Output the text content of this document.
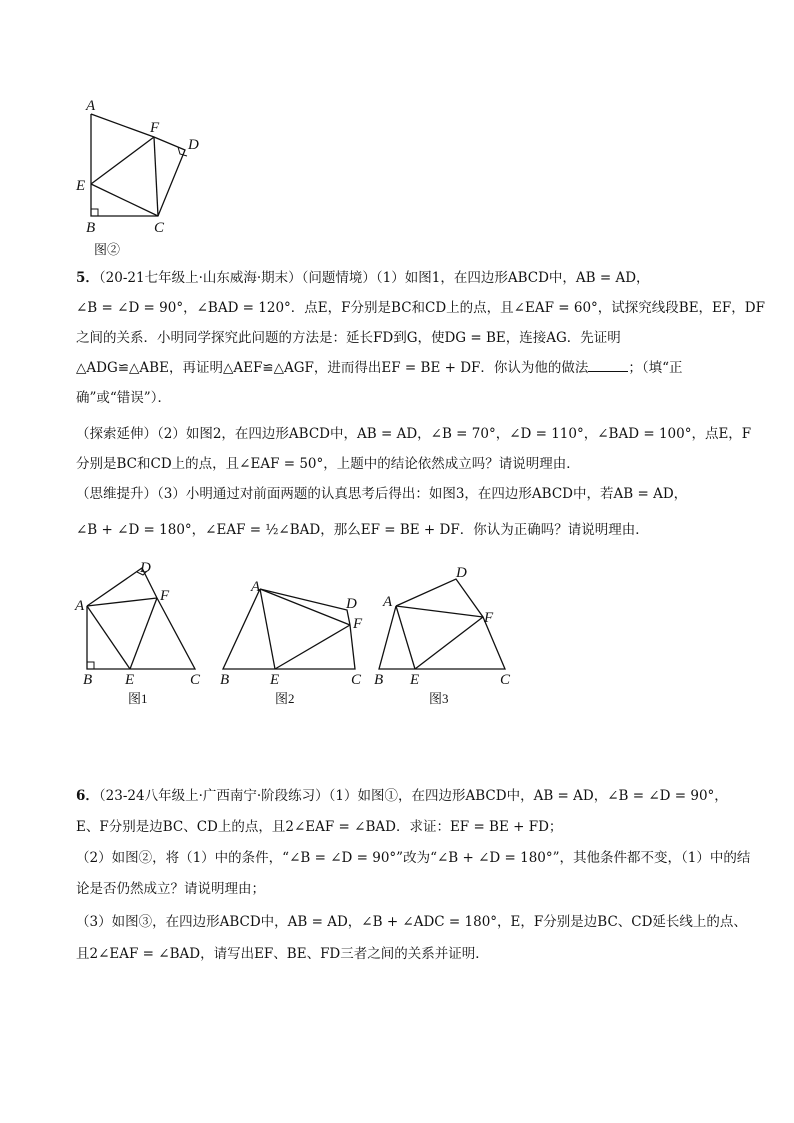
A
F
D
E
B	C
图②
5．（20-21七年级上·山东威海·期末）（问题情境）（1）如图1，在四边形ABCD中，AB = AD，
∠B = ∠D = 90°，∠BAD = 120°．点E，F分别是BC和CD上的点，且∠EAF = 60°，试探究线段BE，EF，DF
之间的关系．小明同学探究此问题的方法是：延长FD到G，使DG = BE，连接AG．先证明
△ADG≌△ABE，再证明△AEF≌△AGF，进而得出EF = BE + DF．你认为他的做法	；（填“正
确”或“错误”）．
（探索延伸）（2）如图2，在四边形ABCD中，AB = AD，∠B = 70°，∠D = 110°，∠BAD = 100°，点E，F
分别是BC和CD上的点，且∠EAF = 50°，上题中的结论依然成立吗？请说明理由．
（思维提升）（3）小明通过对前面两题的认真思考后得出：如图3，在四边形ABCD中，若AB = AD，
∠B + ∠D = 180°，∠EAF = ½∠BAD，那么EF = BE + DF．你认为正确吗？请说明理由．
D
A
F
B E	C
图1
A
D
F
B	E	C
图2
D
A
F
B E	C
图3
6．（23-24八年级上·广西南宁·阶段练习）（1）如图①，在四边形ABCD中，AB = AD，∠B = ∠D = 90°，
E、F分别是边BC、CD上的点，且2∠EAF = ∠BAD．求证：EF = BE + FD；
（2）如图②，将（1）中的条件，“∠B = ∠D = 90°”改为“∠B + ∠D = 180°”，其他条件都不变，（1）中的结
论是否仍然成立？请说明理由；
（3）如图③，在四边形ABCD中，AB = AD，∠B + ∠ADC = 180°，E，F分别是边BC、CD延长线上的点、
且2∠EAF = ∠BAD，请写出EF、BE、FD三者之间的关系并证明．
